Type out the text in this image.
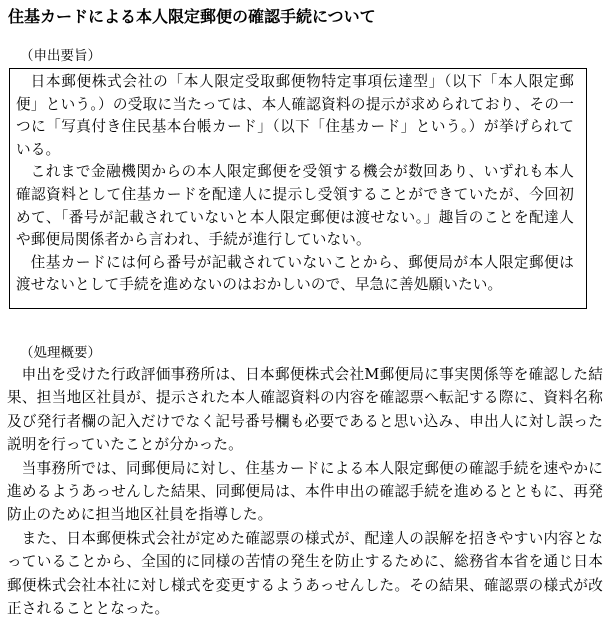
住基カードによる本人限定郵便の確認手続について
（申出要旨）

日本郵便株式会社の「本人限定受取郵便物特定事項伝達型」（以下「本人限定郵便」という。）の受取に当たっては、本人確認資料の提示が求められており、その一つに「写真付き住民基本台帳カード」（以下「住基カード」という。）が挙げられている。

これまで金融機関からの本人限定郵便を受領する機会が数回あり、いずれも本人確認資料として住基カードを配達人に提示し受領することができていたが、今回初めて、「番号が記載されていないと本人限定郵便は渡せない。」趣旨のことを配達人や郵便局関係者から言われ、手続が進行していない。

住基カードには何ら番号が記載されていないことから、郵便局が本人限定郵便は渡せないとして手続を進めないのはおかしいので、早急に善処願いたい。

（処理概要）

申出を受けた行政評価事務所は、日本郵便株式会社M郵便局に事実関係等を確認した結果、担当地区社員が、提示された本人確認資料の内容を確認票へ転記する際に、資料名称及び発行者欄の記入だけでなく記号番号欄も必要であると思い込み、申出人に対し誤った説明を行っていたことが分かった。

当事務所では、同郵便局に対し、住基カードによる本人限定郵便の確認手続を速やかに進めるようあっせんした結果、同郵便局は、本件申出の確認手続を進めるとともに、再発防止のために担当地区社員を指導した。

また、日本郵便株式会社が定めた確認票の様式が、配達人の誤解を招きやすい内容となっていることから、全国的に同様の苦情の発生を防止するために、総務省本省を通じ日本郵便株式会社本社に対し様式を変更するようあっせんした。その結果、確認票の様式が改正されることとなった。
